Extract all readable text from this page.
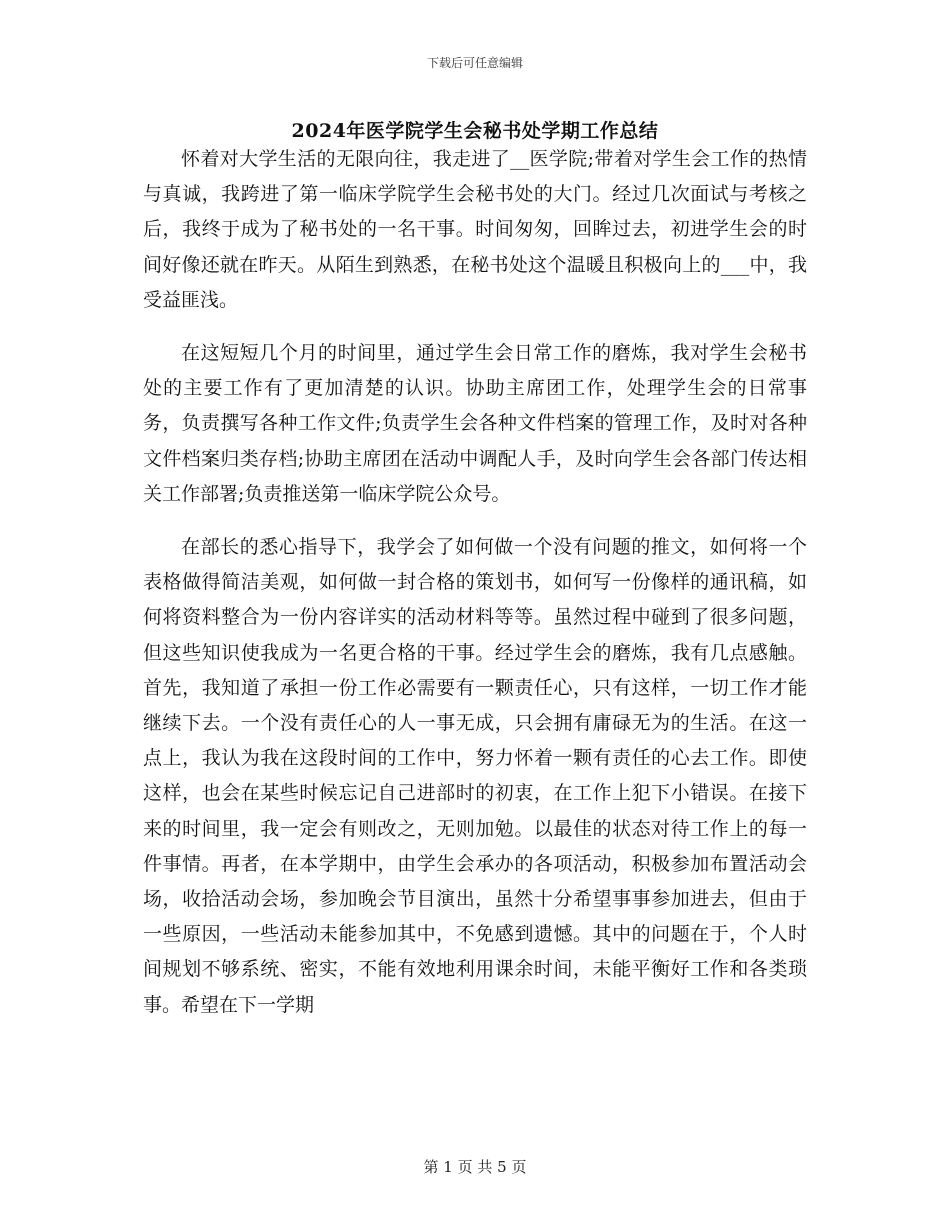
下载后可任意编辑
2024年医学院学生会秘书处学期工作总结

怀着对大学生活的无限向往，我走进了__医学院;带着对学生会工作的热情与真诚，我跨进了第一临床学院学生会秘书处的大门。经过几次面试与考核之后，我终于成为了秘书处的一名干事。时间匆匆，回眸过去，初进学生会的时间好像还就在昨天。从陌生到熟悉，在秘书处这个温暖且积极向上的___中，我受益匪浅。

在这短短几个月的时间里，通过学生会日常工作的磨炼，我对学生会秘书处的主要工作有了更加清楚的认识。协助主席团工作，处理学生会的日常事务，负责撰写各种工作文件;负责学生会各种文件档案的管理工作，及时对各种文件档案归类存档;协助主席团在活动中调配人手，及时向学生会各部门传达相关工作部署;负责推送第一临床学院公众号。

在部长的悉心指导下，我学会了如何做一个没有问题的推文，如何将一个表格做得简洁美观，如何做一封合格的策划书，如何写一份像样的通讯稿，如何将资料整合为一份内容详实的活动材料等等。虽然过程中碰到了很多问题，但这些知识使我成为一名更合格的干事。经过学生会的磨炼，我有几点感触。首先，我知道了承担一份工作必需要有一颗责任心，只有这样，一切工作才能继续下去。一个没有责任心的人一事无成，只会拥有庸碌无为的生活。在这一点上，我认为我在这段时间的工作中，努力怀着一颗有责任的心去工作。即使这样，也会在某些时候忘记自己进部时的初衷，在工作上犯下小错误。在接下来的时间里，我一定会有则改之，无则加勉。以最佳的状态对待工作上的每一件事情。再者，在本学期中，由学生会承办的各项活动，积极参加布置活动会场，收拾活动会场，参加晚会节目演出，虽然十分希望事事参加进去，但由于一些原因，一些活动未能参加其中，不免感到遗憾。其中的问题在于，个人时间规划不够系统、密实，不能有效地利用课余时间，未能平衡好工作和各类琐事。希望在下一学期

第 1 页 共 5 页
